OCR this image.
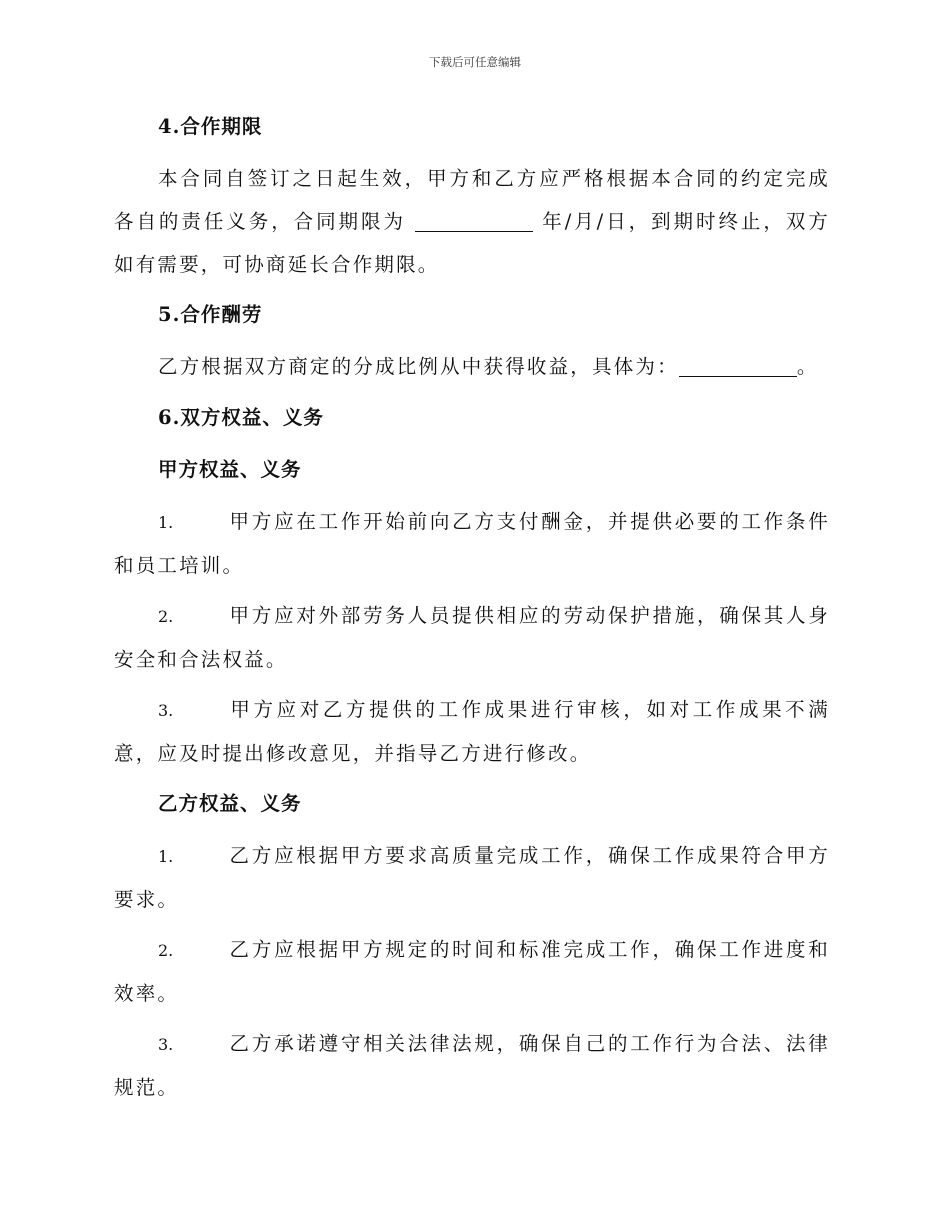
下载后可任意编辑
4.合作期限

本合同自签订之日起生效，甲方和乙方应严格根据本合同的约定完成各自的责任义务，合同期限为	年/月/日，到期时终止，双方如有需要，可协商延长合作期限。

5.合作酬劳

乙方根据双方商定的分成比例从中获得收益，具体为：	。

6.双方权益、义务
甲方权益、义务

1.	甲方应在工作开始前向乙方支付酬金，并提供必要的工作条件和员工培训。

2.	甲方应对外部劳务人员提供相应的劳动保护措施，确保其人身安全和合法权益。

3.	甲方应对乙方提供的工作成果进行审核，如对工作成果不满意，应及时提出修改意见，并指导乙方进行修改。

乙方权益、义务

1.	乙方应根据甲方要求高质量完成工作，确保工作成果符合甲方要求。

2.	乙方应根据甲方规定的时间和标准完成工作，确保工作进度和效率。

3.	乙方承诺遵守相关法律法规，确保自己的工作行为合法、法律规范。
